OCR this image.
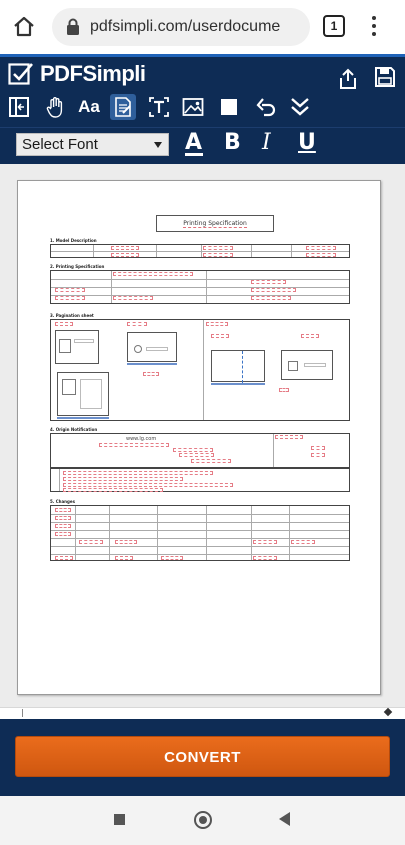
pdfsimpli.com/userdocume	1
PDFSimpli
Aa
Select Font	A B I U
Printing Specification
1. Model Description
2. Printing Specification
3. Pagination sheet
4. Origin Notification
www.lg.com
5. Changes
CONVERT
